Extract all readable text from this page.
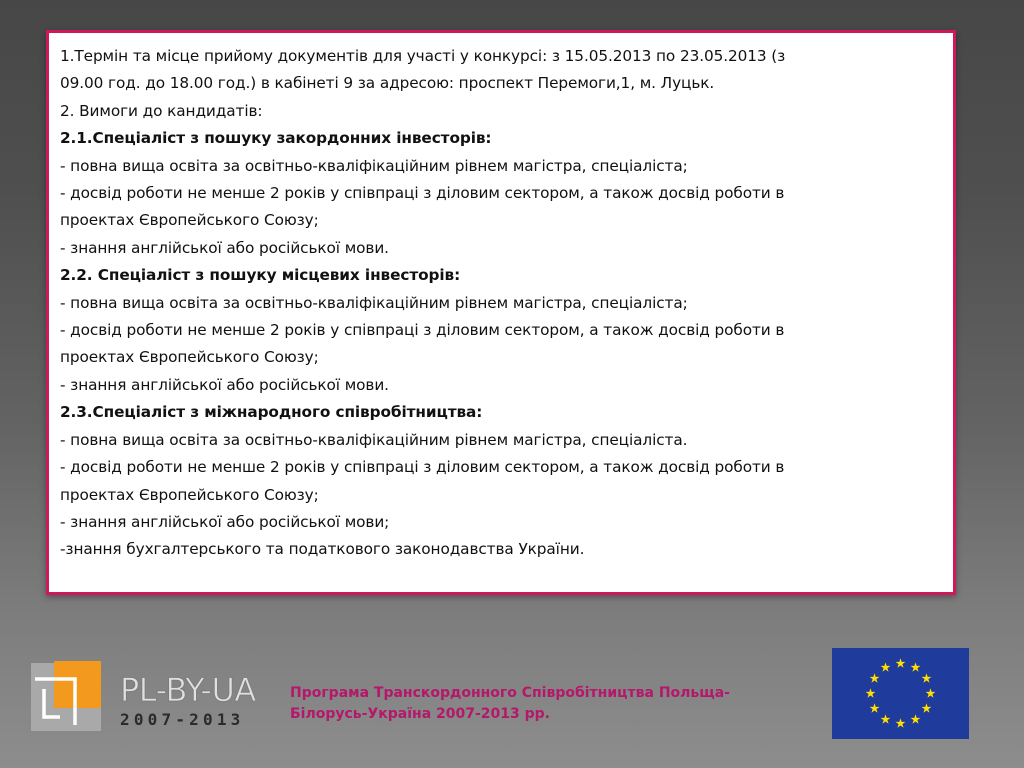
1.Термін та місце прийому документів для участі у конкурсі: з 15.05.2013 по 23.05.2013 (з
09.00 год. до 18.00 год.) в кабінеті 9 за адресою: проспект Перемоги,1, м. Луцьк.
2. Вимоги до кандидатів:
2.1.Спеціаліст з пошуку закордонних інвесторів:
- повна вища освіта за освітньо-кваліфікаційним рівнем магістра, спеціаліста;
- досвід роботи не менше 2 років у співпраці з діловим сектором, а також досвід роботи в
проектах Європейського Союзу;
- знання англійської або російської мови.
2.2. Спеціаліст з пошуку місцевих інвесторів:
- повна вища освіта за освітньо-кваліфікаційним рівнем магістра, спеціаліста;
- досвід роботи не менше 2 років у співпраці з діловим сектором, а також досвід роботи в
проектах Європейського Союзу;
- знання англійської або російської мови.
2.3.Спеціаліст з міжнародного співробітництва:
- повна вища освіта за освітньо-кваліфікаційним рівнем магістра, спеціаліста.
- досвід роботи не менше 2 років у співпраці з діловим сектором, а також досвід роботи в
проектах Європейського Союзу;
- знання англійської або російської мови;
-знання бухгалтерського та податкового законодавства України.
PL-BY-UA
2007-2013
Програма Транскордонного Співробітництва Польща-
Білорусь-Україна 2007-2013 рр.
